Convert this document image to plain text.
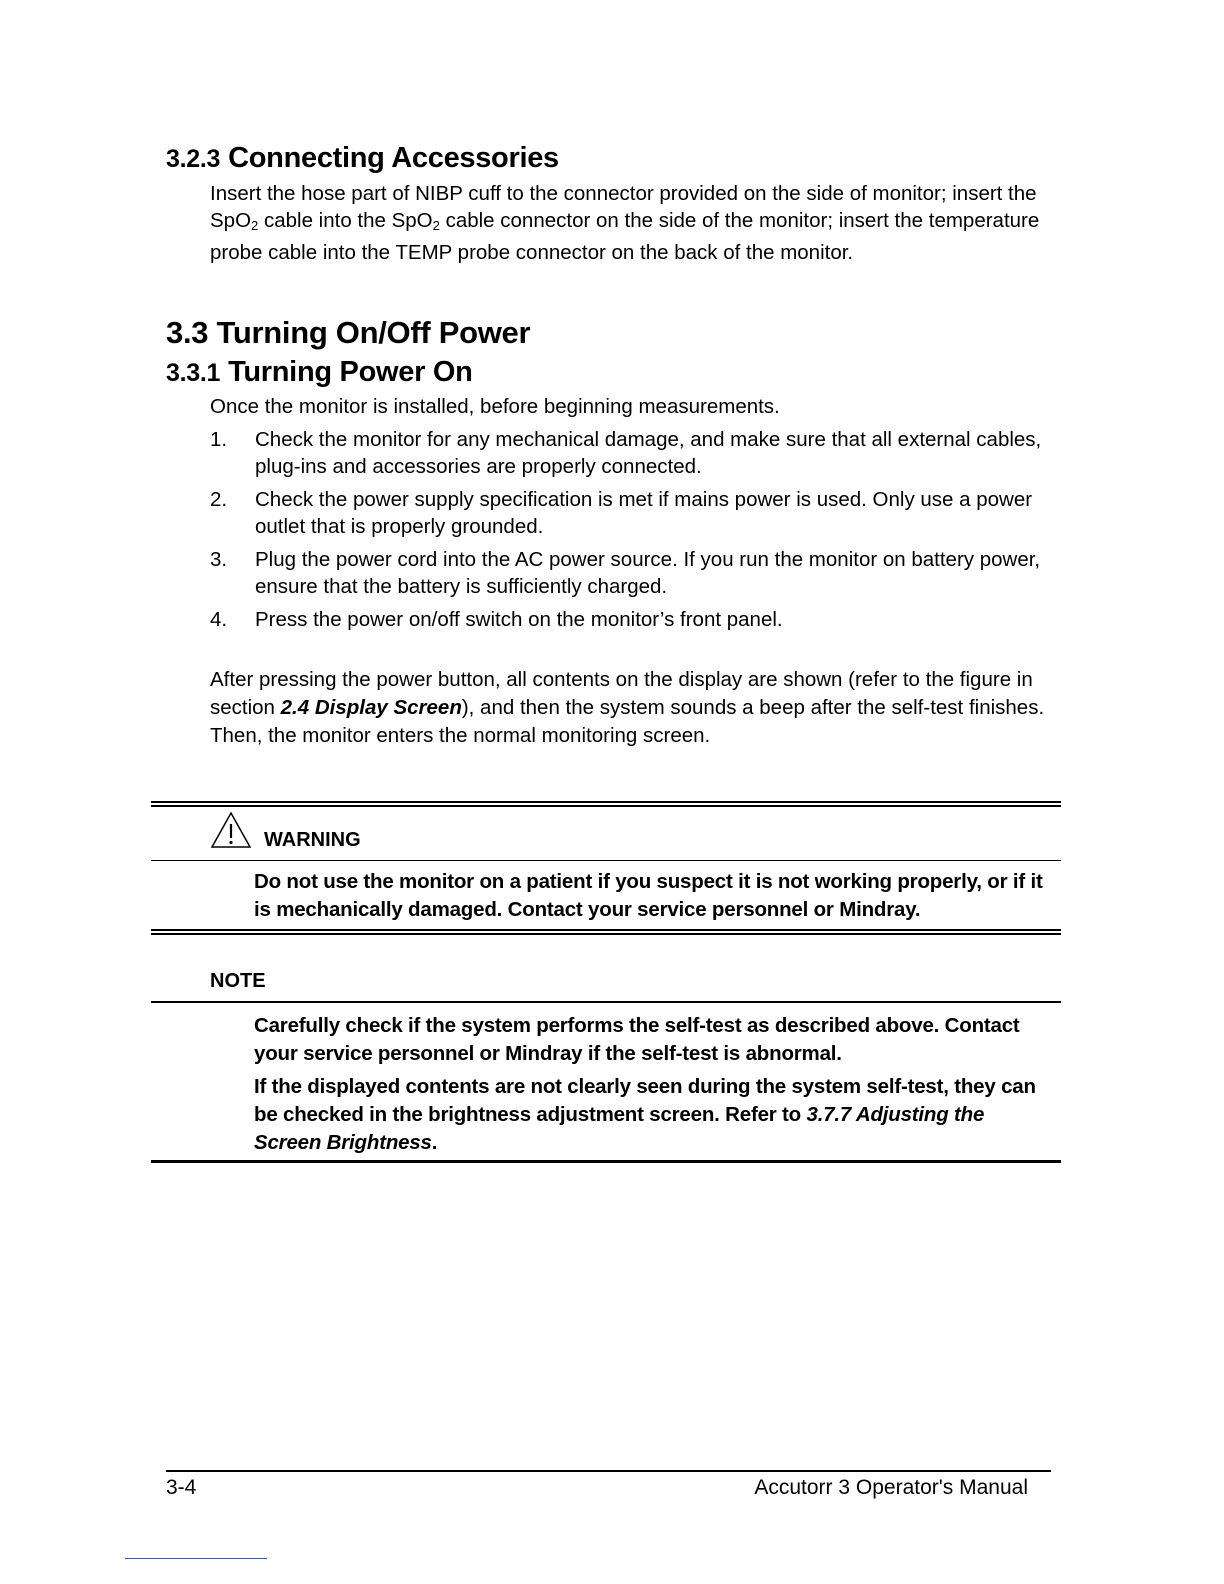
3.2.3 Connecting Accessories
Insert the hose part of NIBP cuff to the connector provided on the side of monitor; insert the SpO$_2$ cable into the SpO$_2$ cable connector on the side of the monitor; insert the temperature probe cable into the TEMP probe connector on the back of the monitor.
3.3 Turning On/Off Power
3.3.1 Turning Power On
Once the monitor is installed, before beginning measurements.
1. Check the monitor for any mechanical damage, and make sure that all external cables, plug-ins and accessories are properly connected.
2. Check the power supply specification is met if mains power is used. Only use a power outlet that is properly grounded.
3. Plug the power cord into the AC power source. If you run the monitor on battery power, ensure that the battery is sufficiently charged.
4. Press the power on/off switch on the monitor’s front panel.
After pressing the power button, all contents on the display are shown (refer to the figure in section 2.4 Display Screen), and then the system sounds a beep after the self-test finishes. Then, the monitor enters the normal monitoring screen.
WARNING
Do not use the monitor on a patient if you suspect it is not working properly, or if it is mechanically damaged. Contact your service personnel or Mindray.
NOTE
Carefully check if the system performs the self-test as described above. Contact your service personnel or Mindray if the self-test is abnormal.
If the displayed contents are not clearly seen during the system self-test, they can be checked in the brightness adjustment screen. Refer to 3.7.7 Adjusting the Screen Brightness.
3-4	Accutorr 3 Operator's Manual
